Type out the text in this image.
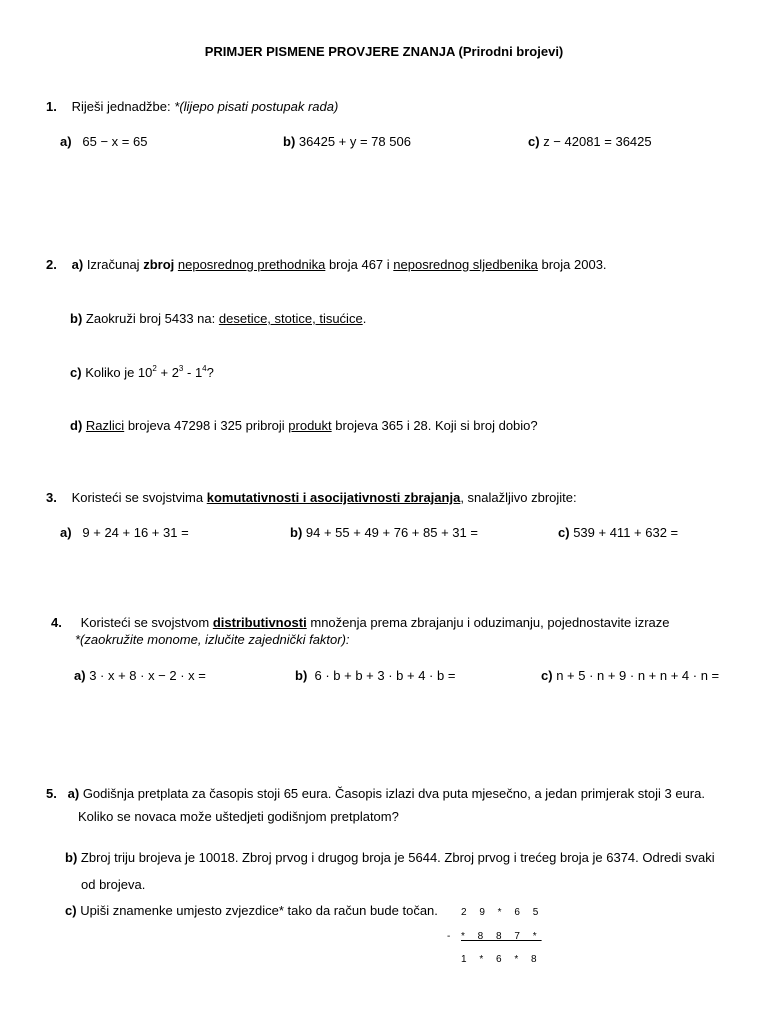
PRIMJER PISMENE PROVJERE ZNANJA (Prirodni brojevi)
1. Riješi jednadžbe: *(lijepo pisati postupak rada)
a) 65 − x = 65	b) 36425 + y = 78 506	c) z − 42081 = 36425
2. a) Izračunaj zbroj neposrednog prethodnika broja 467 i neposrednog sljedbenika broja 2003.
b) Zaokruži broj 5433 na: desetice, stotice, tisućice.
c) Koliko je $10^2 + 2^3 - 1^4$?
d) Razlici brojeva 47298 i 325 pribroji produkt brojeva 365 i 28. Koji si broj dobio?
3. Koristeći se svojstvima komutativnosti i asocijativnosti zbrajanja, snalažljivo zbrojite:
a) 9 + 24 + 16 + 31 =	b) 94 + 55 + 49 + 76 + 85 + 31 =	c) 539 + 411 + 632 =
4. Koristeći se svojstvom distributivnosti množenja prema zbrajanju i oduzimanju, pojednostavite izraze
*(zaokružite monome, izlučite zajednički faktor):
a) 3 · x + 8 · x − 2 · x =	b) 6 · b + b + 3 · b + 4 · b =	c) n + 5 · n + 9 · n + n + 4 · n =
5. a) Godišnja pretplata za časopis stoji 65 eura. Časopis izlazi dva puta mjesečno, a jedan primjerak stoji 3 eura.
Koliko se novaca može uštedjeti godišnjom pretplatom?
b) Zbroj triju brojeva je 10018. Zbroj prvog i drugog broja je 5644. Zbroj prvog i trećeg broja je 6374. Odredi svaki
od brojeva.
c) Upiši znamenke umjesto zvjezdice* tako da račun bude točan. 2 9 * 6 5
- * 8 8 7 *
1 * 6 * 8
